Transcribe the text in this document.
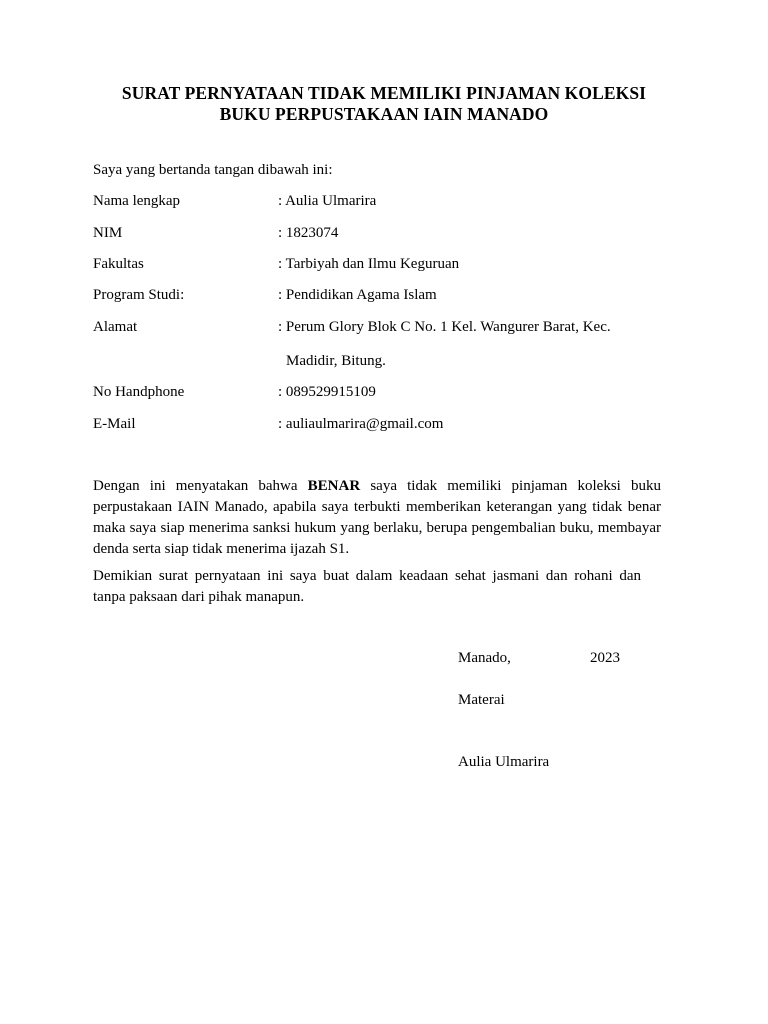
SURAT PERNYATAAN TIDAK MEMILIKI PINJAMAN KOLEKSI
BUKU PERPUSTAKAAN IAIN MANADO
Saya yang bertanda tangan dibawah ini:
Nama lengkap	: Aulia Ulmarira
NIM	: 1823074
Fakultas	: Tarbiyah dan Ilmu Keguruan
Program Studi:	: Pendidikan Agama Islam
Alamat	: Perum Glory Blok C No. 1 Kel. Wangurer Barat, Kec.
Madidir, Bitung.
No Handphone	: 089529915109
E-Mail	: auliaulmarira@gmail.com
Dengan ini menyatakan bahwa BENAR saya tidak memiliki pinjaman koleksi buku perpustakaan IAIN Manado, apabila saya terbukti memberikan keterangan yang tidak benar maka saya siap menerima sanksi hukum yang berlaku, berupa pengembalian buku, membayar denda serta siap tidak menerima ijazah S1.
Demikian surat pernyataan ini saya buat dalam keadaan sehat jasmani dan rohani dan tanpa paksaan dari pihak manapun.
Manado,	2023
Materai
Aulia Ulmarira
